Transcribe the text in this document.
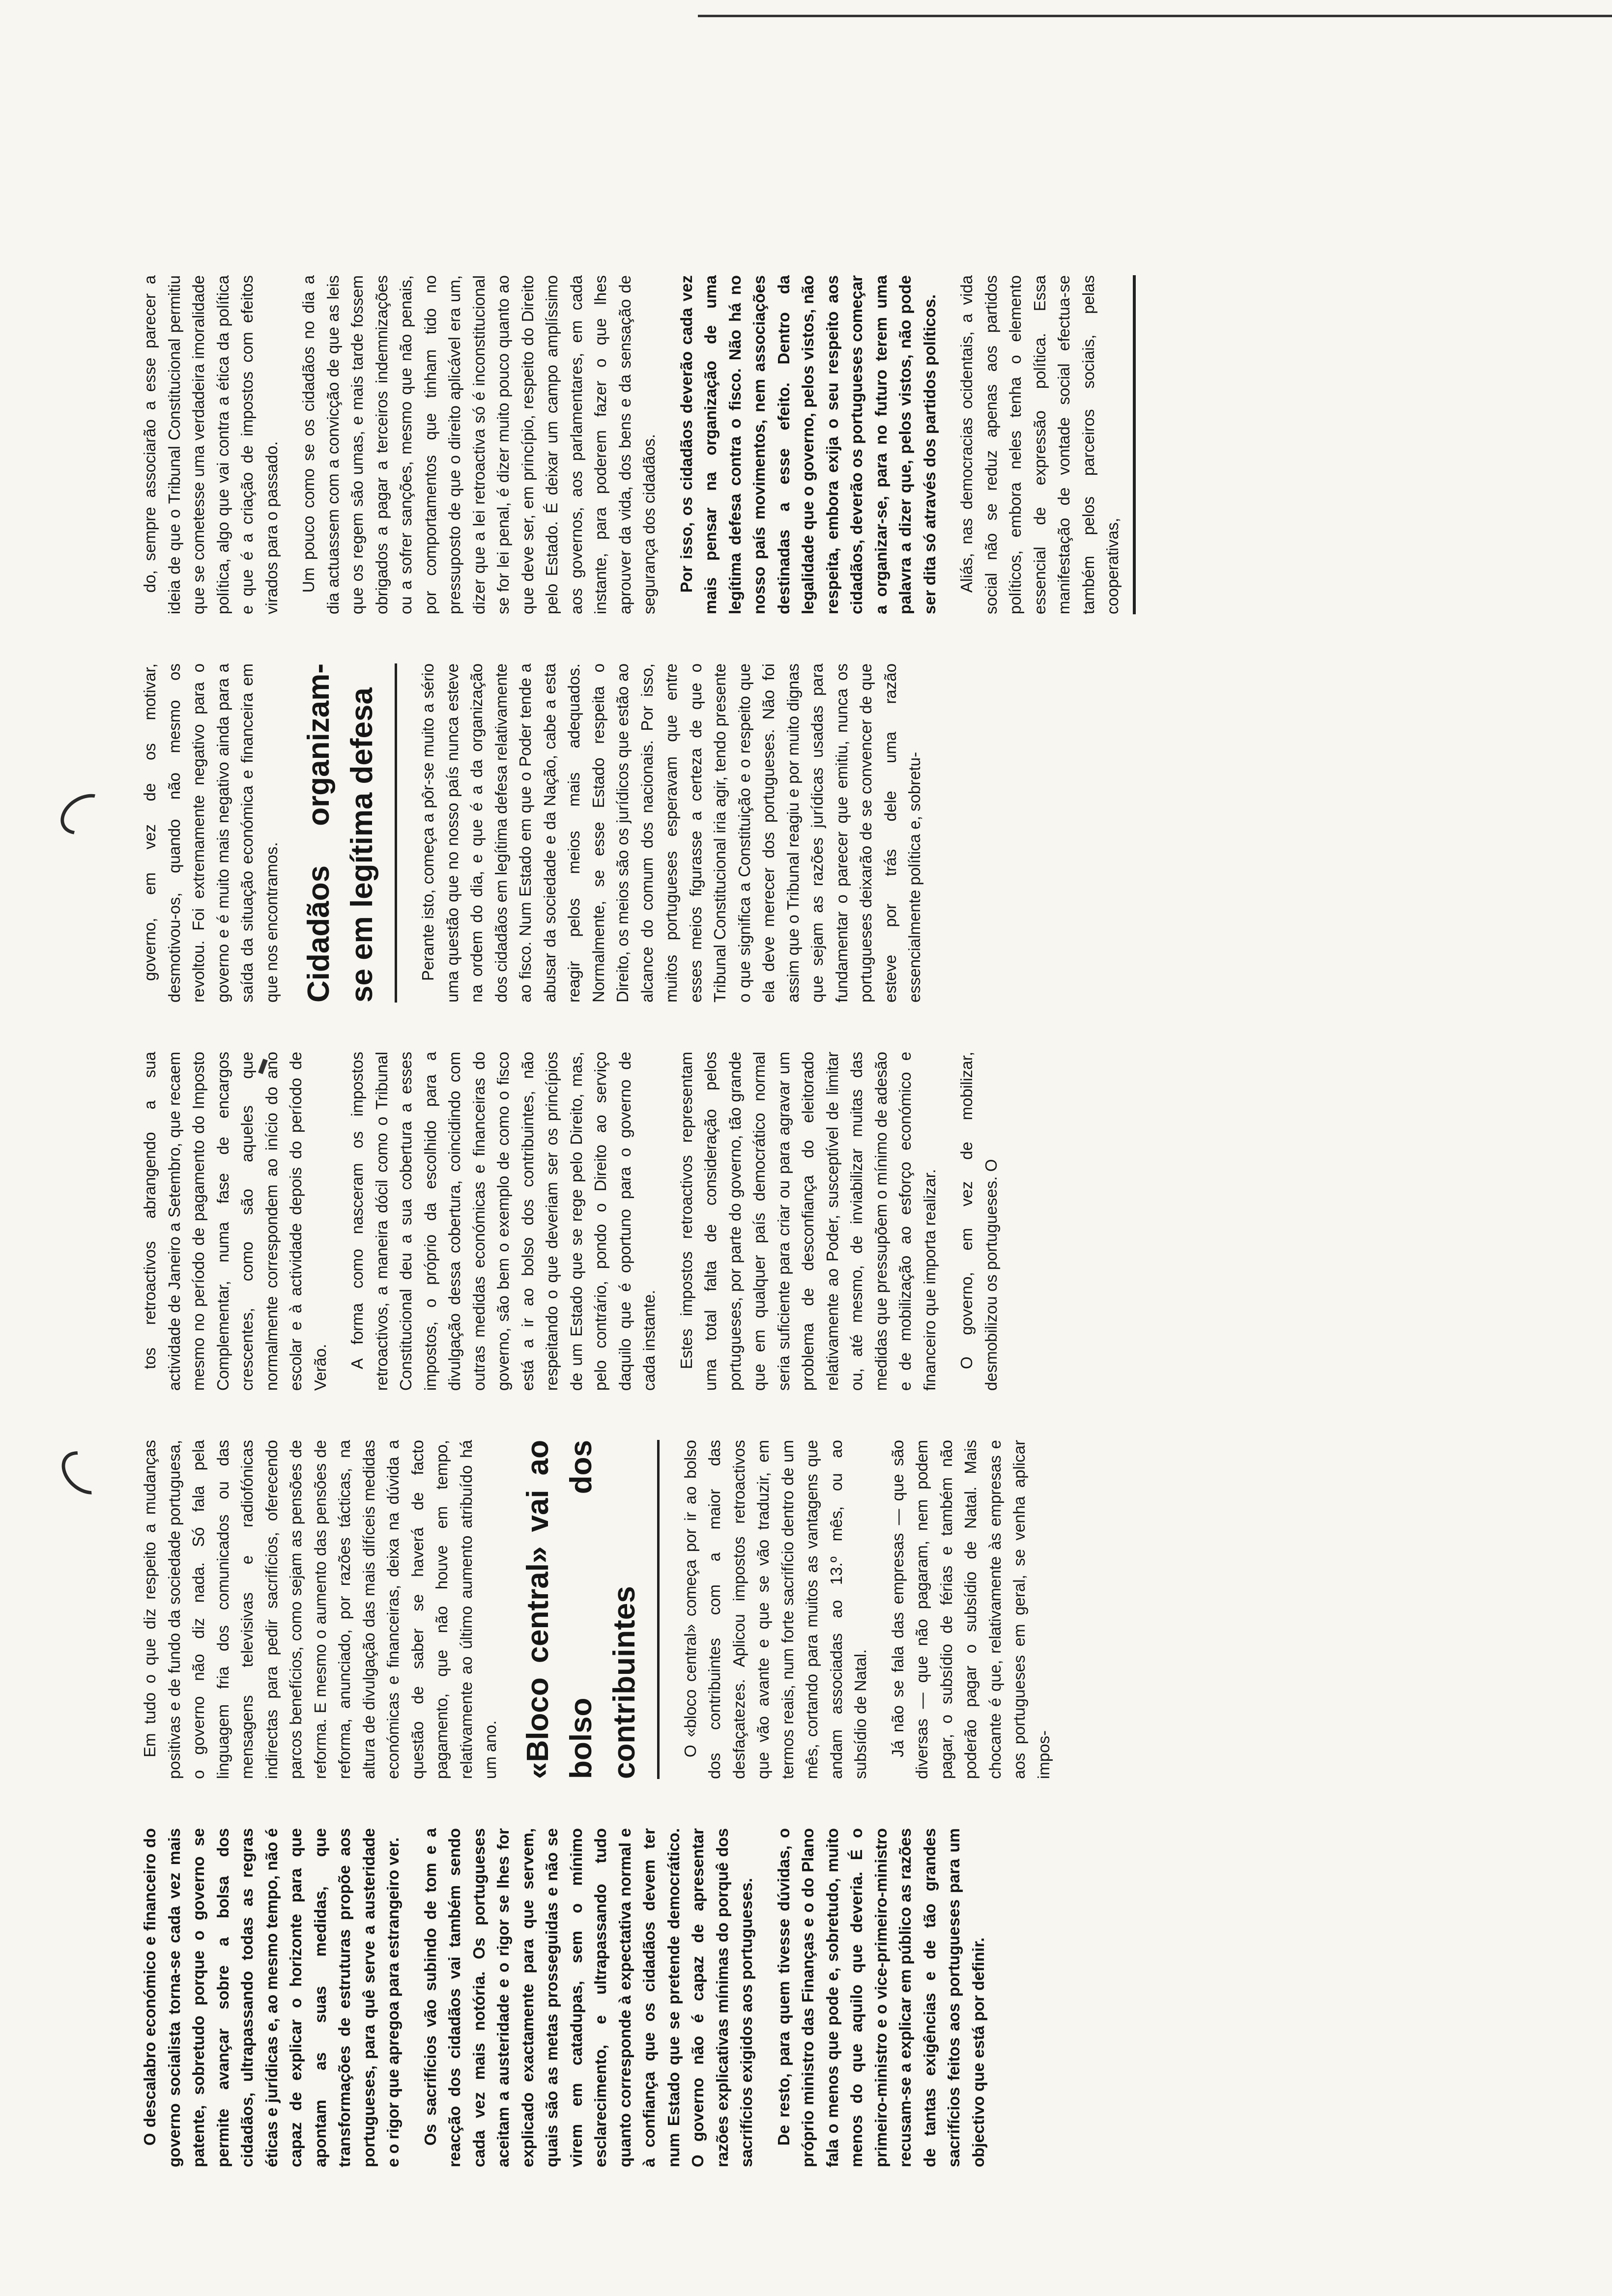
O descalabro económico e financeiro do governo socialista torna-se cada vez mais patente, sobretudo porque o governo se permite avançar sobre a bolsa dos cidadãos, ultrapassando todas as regras éticas e jurídicas e, ao mesmo tempo, não é capaz de explicar o horizonte para que apontam as suas medidas, que transformações de estruturas propõe aos portugueses, para quê serve a austeridade e o rigor que apregoa para estrangeiro ver. Os sacrifícios vão subindo de tom e a reacção dos cidadãos vai também sendo cada vez mais notória. Os portugueses aceitam a austeridade e o rigor se lhes for explicado exactamente para que servem, quais são as metas prosseguidas e não se virem em catadupas, sem o mínimo esclarecimento, e ultrapassando tudo quanto corresponde à expectativa normal e à confiança que os cidadãos devem ter num Estado que se pretende democrático. O governo não é capaz de apresentar razões explicativas mínimas do porquê dos sacrifícios exigidos aos portugueses. De resto, para quem tivesse dúvidas, o próprio ministro das Finanças e o do Plano fala o menos que pode e, sobretudo, muito menos do que aquilo que deveria. É o primeiro-ministro e o vice-primeiro-ministro recusam-se a explicar em público as razões de tantas exigências e de tão grandes sacrifícios feitos aos portugueses para um objectivo que está por definir.

Em tudo o que diz respeito a mudanças positivas e de fundo da sociedade portuguesa, o governo não diz nada. Só fala pela linguagem fria dos comunicados ou das mensagens televisivas e radiofónicas indirectas para pedir sacrifícios, oferecendo parcos benefícios, como sejam as pensões de reforma. E mesmo o aumento das pensões de reforma, anunciado, por razões tácticas, na altura de divulgação das mais difíceis medidas económicas e financeiras, deixa na dúvida a questão de saber se haverá de facto pagamento, que não houve em tempo, relativamente ao último aumento atribuído há um ano. «Bloco central» vai ao bolso dos contribuintes	O «bloco central» começa por ir ao bolso dos contribuintes com a maior das desfaçatezes. Aplicou impostos retroactivos que vão avante e que se vão traduzir, em termos reais, num forte sacrifício dentro de um mês, cortando para muitos as vantagens que andam associadas ao 13.º mês, ou ao subsídio de Natal. Já não se fala das empresas — que são diversas — que não pagaram, nem podem pagar, o subsídio de férias e também não poderão pagar o subsídio de Natal. Mais chocante é que, relativamente às empresas e aos portugueses em geral, se venha aplicar impos-

tos retroactivos abrangendo a sua actividade de Janeiro a Setembro, que recaem mesmo no período de pagamento do Imposto Complementar, numa fase de encargos crescentes, como são aqueles que normalmente correspondem ao início do ano escolar e à actividade depois do período de Verão. A forma como nasceram os impostos retroactivos, a maneira dócil como o Tribunal Constitucional deu a sua cobertura a esses impostos, o próprio da escolhido para a divulgação dessa cobertura, coincidindo com outras medidas económicas e financeiras do governo, são bem o exemplo de como o fisco está a ir ao bolso dos contribuintes, não respeitando o que deveriam ser os princípios de um Estado que se rege pelo Direito, mas, pelo contrário, pondo o Direito ao serviço daquilo que é oportuno para o governo de cada instante. Estes impostos retroactivos representam uma total falta de consideração pelos portugueses, por parte do governo, tão grande que em qualquer país democrático normal seria suficiente para criar ou para agravar um problema de desconfiança do eleitorado relativamente ao Poder, susceptível de limitar ou, até mesmo, de inviabilizar muitas das medidas que pressupõem o mínimo de adesão e de mobilização ao esforço económico e financeiro que importa realizar. O governo, em vez de mobilizar, desmobilizou os portugueses. O

governo, em vez de os motivar, desmotivou-os, quando não mesmo os revoltou. Foi extremamente negativo para o governo e é muito mais negativo ainda para a saída da situação económica e financeira em que nos encontramos. Cidadãos organizam-se em legítima defesa	Perante isto, começa a pôr-se muito a sério uma questão que no nosso país nunca esteve na ordem do dia, e que é a da organização dos cidadãos em legítima defesa relativamente ao fisco. Num Estado em que o Poder tende a abusar da sociedade e da Nação, cabe a esta reagir pelos meios mais adequados. Normalmente, se esse Estado respeita o Direito, os meios são os jurídicos que estão ao alcance do comum dos nacionais. Por isso, muitos portugueses esperavam que entre esses meios figurasse a certeza de que o Tribunal Constitucional iria agir, tendo presente o que significa a Constituição e o respeito que ela deve merecer dos portugueses. Não foi assim que o Tribunal reagiu e por muito dignas que sejam as razões jurídicas usadas para fundamentar o parecer que emitiu, nunca os portugueses deixarão de se convencer de que esteve por trás dele uma razão essencialmente política e, sobretu-

do, sempre associarão a esse parecer a ideia de que o Tribunal Constitucional permitiu que se cometesse uma verdadeira imoralidade política, algo que vai contra a ética da política e que é a criação de impostos com efeitos virados para o passado. Um pouco como se os cidadãos no dia a dia actuassem com a convicção de que as leis que os regem são umas, e mais tarde fossem obrigados a pagar a terceiros indemnizações ou a sofrer sanções, mesmo que não penais, por comportamentos que tinham tido no pressuposto de que o direito aplicável era um, dizer que a lei retroactiva só é inconstitucional se for lei penal, é dizer muito pouco quanto ao que deve ser, em princípio, respeito do Direito pelo Estado. É deixar um campo amplíssimo aos governos, aos parlamentares, em cada instante, para poderem fazer o que lhes aprouver da vida, dos bens e da sensação de segurança dos cidadãos. Por isso, os cidadãos deverão cada vez mais pensar na organização de uma legítima defesa contra o fisco. Não há no nosso país movimentos, nem associações destinadas a esse efeito. Dentro da legalidade que o governo, pelos vistos, não respeita, embora exija o seu respeito aos cidadãos, deverão os portugueses começar a organizar-se, para no futuro terem uma palavra a dizer que, pelos vistos, não pode ser dita só através dos partidos políticos. Aliás, nas democracias ocidentais, a vida social não se reduz apenas aos partidos políticos, embora neles tenha o elemento essencial de expressão política. Essa manifestação de vontade social efectua-se também pelos parceiros sociais, pelas cooperativas,
